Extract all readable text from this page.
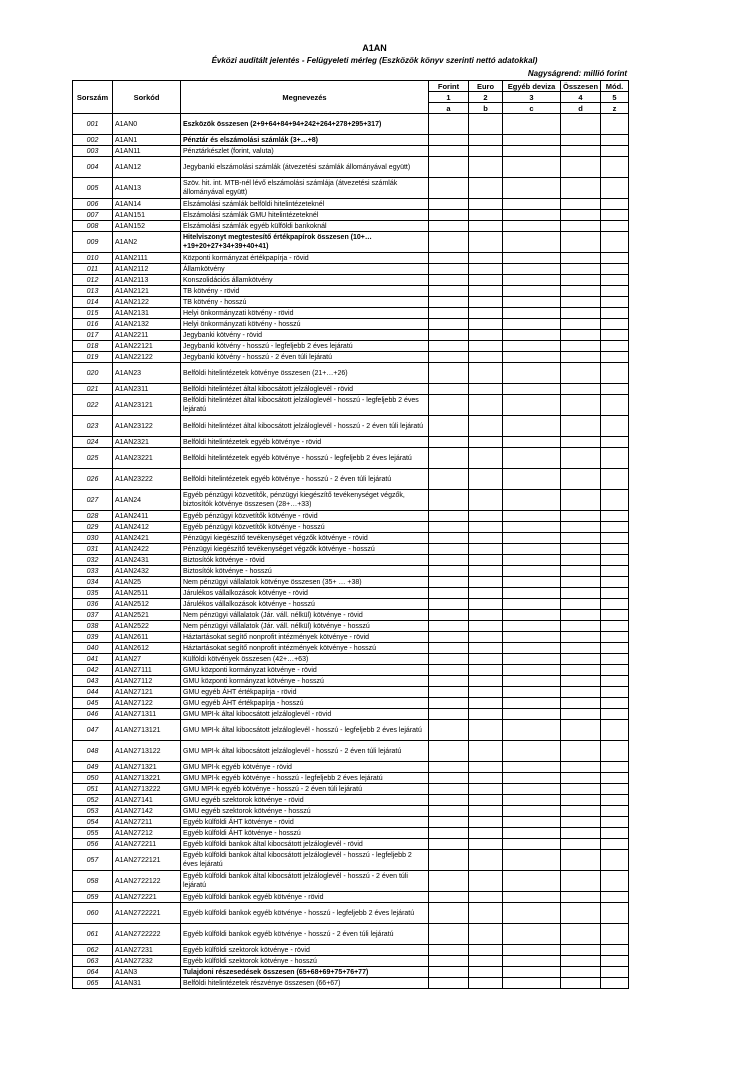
A1AN
Évközi auditált jelentés - Felügyeleti mérleg (Eszközök könyv szerinti nettó adatokkal)
Nagyságrend: millió forint
Sorszám	Sorkód	Megnevezés	Forint	Euro	Egyéb deviza	Összesen	Mód.
			1	2	3	4	5
			a	b	c	d	z
001	A1AN0	Eszközök összesen (2+9+64+84+94+242+264+278+295+317)					
002	A1AN1	Pénztár és elszámolási számlák (3+…+8)					
003	A1AN11	Pénztárkészlet (forint, valuta)					
004	A1AN12	Jegybanki elszámolási számlák (átvezetési számlák állományával együtt)					
005	A1AN13	Szöv. hit. int. MTB-nél lévő elszámolási számlája (átvezetési számlák állományával együtt)					
006	A1AN14	Elszámolási számlák belföldi hitelintézeteknél					
007	A1AN151	Elszámolási számlák GMU hitelintézeteknél					
008	A1AN152	Elszámolási számlák egyéb külföldi bankoknál					
009	A1AN2	Hitelviszonyt megtestesítő értékpapírok összesen (10+…+19+20+27+34+39+40+41)					
010	A1AN2111	Központi kormányzat értékpapírja - rövid					
011	A1AN2112	Államkötvény					
012	A1AN2113	Konszolidációs államkötvény					
013	A1AN2121	TB kötvény - rövid					
014	A1AN2122	TB kötvény - hosszú					
015	A1AN2131	Helyi önkormányzati kötvény - rövid					
016	A1AN2132	Helyi önkormányzati kötvény - hosszú					
017	A1AN2211	Jegybanki kötvény - rövid					
018	A1AN22121	Jegybanki kötvény - hosszú - legfeljebb 2 éves lejáratú					
019	A1AN22122	Jegybanki kötvény - hosszú - 2 éven túli lejáratú					
020	A1AN23	Belföldi hitelintézetek kötvénye összesen (21+…+26)					
021	A1AN2311	Belföldi hitelintézet által kibocsátott jelzáloglevél - rövid					
022	A1AN23121	Belföldi hitelintézet által kibocsátott jelzáloglevél - hosszú - legfeljebb 2 éves lejáratú					
023	A1AN23122	Belföldi hitelintézet által kibocsátott jelzáloglevél - hosszú - 2 éven túli lejáratú					
024	A1AN2321	Belföldi hitelintézetek egyéb kötvénye - rövid					
025	A1AN23221	Belföldi hitelintézetek egyéb kötvénye - hosszú - legfeljebb 2 éves lejáratú					
026	A1AN23222	Belföldi hitelintézetek egyéb kötvénye - hosszú - 2 éven túli lejáratú					
027	A1AN24	Egyéb pénzügyi közvetítők, pénzügyi kiegészítő tevékenységet végzők, biztosítók kötvénye összesen (28+…+33)					
028	A1AN2411	Egyéb pénzügyi közvetítők kötvénye - rövid					
029	A1AN2412	Egyéb pénzügyi közvetítők kötvénye - hosszú					
030	A1AN2421	Pénzügyi kiegészítő tevékenységet végzők kötvénye - rövid					
031	A1AN2422	Pénzügyi kiegészítő tevékenységet végzők kötvénye - hosszú					
032	A1AN2431	Biztosítók kötvénye - rövid					
033	A1AN2432	Biztosítók kötvénye - hosszú					
034	A1AN25	Nem pénzügyi vállalatok kötvénye összesen (35+ … +38)					
035	A1AN2511	Járulékos vállalkozások kötvénye - rövid					
036	A1AN2512	Járulékos vállalkozások kötvénye - hosszú					
037	A1AN2521	Nem pénzügyi vállalatok (Jár. váll. nélkül) kötvénye - rövid					
038	A1AN2522	Nem pénzügyi vállalatok (Jár. váll. nélkül) kötvénye - hosszú					
039	A1AN2611	Háztartásokat segítő nonprofit intézmények kötvénye - rövid					
040	A1AN2612	Háztartásokat segítő nonprofit intézmények kötvénye - hosszú					
041	A1AN27	Külföldi kötvények összesen (42+…+63)					
042	A1AN27111	GMU központi kormányzat kötvénye - rövid					
043	A1AN27112	GMU központi kormányzat kötvénye - hosszú					
044	A1AN27121	GMU egyéb ÁHT értékpapírja - rövid					
045	A1AN27122	GMU egyéb ÁHT értékpapírja - hosszú					
046	A1AN271311	GMU MPI-k által kibocsátott jelzáloglevél - rövid					
047	A1AN2713121	GMU MPI-k által kibocsátott jelzáloglevél - hosszú - legfeljebb 2 éves lejáratú					
048	A1AN2713122	GMU MPI-k által kibocsátott jelzáloglevél - hosszú - 2 éven túli lejáratú					
049	A1AN271321	GMU MPI-k egyéb kötvénye - rövid					
050	A1AN2713221	GMU MPI-k egyéb kötvénye - hosszú - legfeljebb 2 éves lejáratú					
051	A1AN2713222	GMU MPI-k egyéb kötvénye - hosszú - 2 éven túli lejáratú					
052	A1AN27141	GMU egyéb szektorok kötvénye - rövid					
053	A1AN27142	GMU egyéb szektorok kötvénye - hosszú					
054	A1AN27211	Egyéb külföldi ÁHT kötvénye - rövid					
055	A1AN27212	Egyéb külföldi ÁHT kötvénye - hosszú					
056	A1AN272211	Egyéb külföldi bankok által kibocsátott jelzáloglevél - rövid					
057	A1AN2722121	Egyéb külföldi bankok által kibocsátott jelzáloglevél - hosszú - legfeljebb 2 éves lejáratú					
058	A1AN2722122	Egyéb külföldi bankok által kibocsátott jelzáloglevél - hosszú - 2 éven túli lejáratú					
059	A1AN272221	Egyéb külföldi bankok egyéb kötvénye - rövid					
060	A1AN2722221	Egyéb külföldi bankok egyéb kötvénye - hosszú - legfeljebb 2 éves lejáratú					
061	A1AN2722222	Egyéb külföldi bankok egyéb kötvénye - hosszú - 2 éven túli lejáratú					
062	A1AN27231	Egyéb külföldi szektorok kötvénye - rövid					
063	A1AN27232	Egyéb külföldi szektorok kötvénye - hosszú					
064	A1AN3	Tulajdoni részesedések összesen (65+68+69+75+76+77)					
065	A1AN31	Belföldi hitelintézetek részvénye összesen (66+67)					
